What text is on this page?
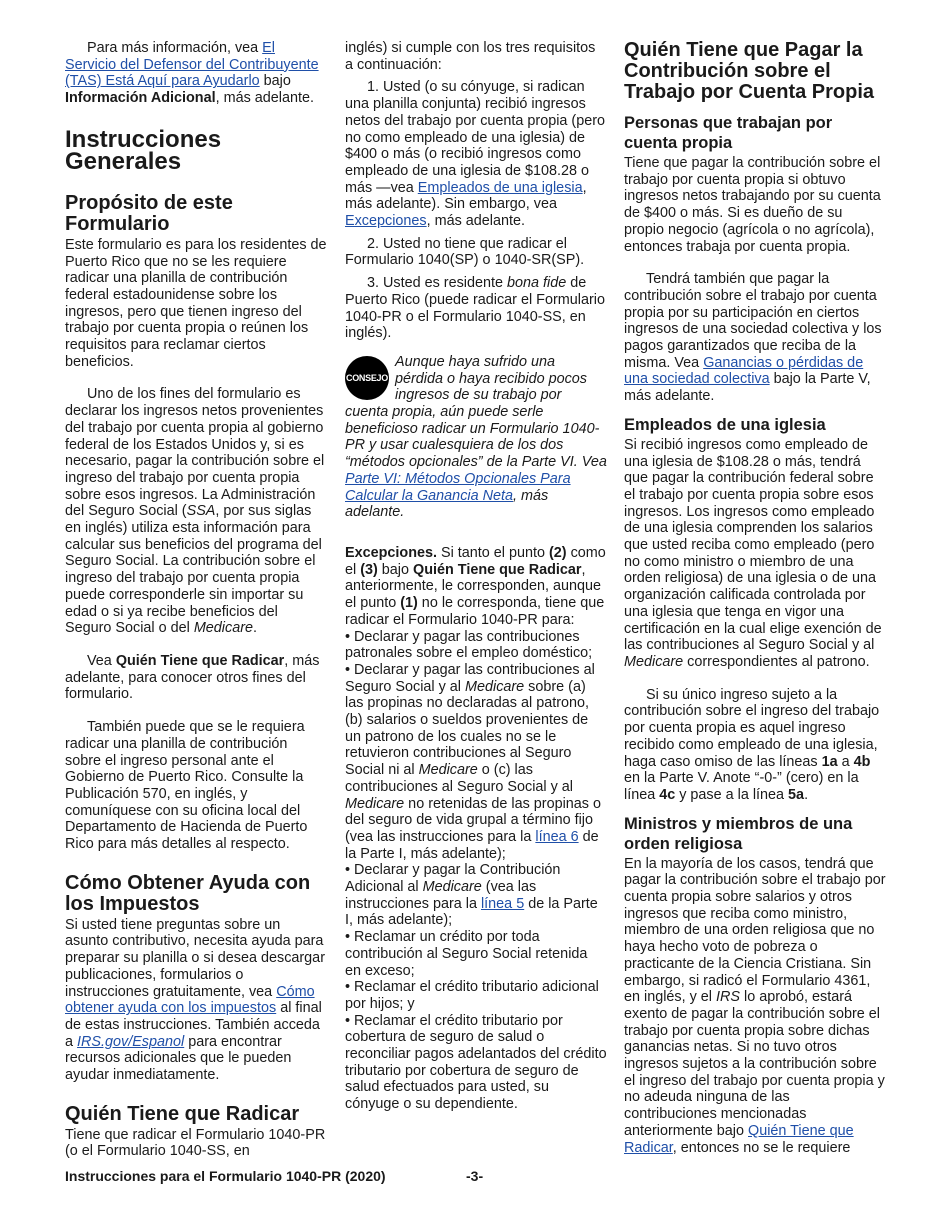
Para más información, vea El Servicio del Defensor del Contribuyente (TAS) Está Aquí para Ayudarlo bajo Información Adicional, más adelante.

Instrucciones Generales
Propósito de este Formulario

Este formulario es para los residentes de Puerto Rico que no se les requiere radicar una planilla de contribución federal estadounidense sobre los ingresos, pero que tienen ingreso del trabajo por cuenta propia o reúnen los requisitos para reclamar ciertos beneficios.

Uno de los fines del formulario es declarar los ingresos netos provenientes del trabajo por cuenta propia al gobierno federal de los Estados Unidos y, si es necesario, pagar la contribución sobre el ingreso del trabajo por cuenta propia sobre esos ingresos. La Administración del Seguro Social (SSA, por sus siglas en inglés) utiliza esta información para calcular sus beneficios del programa del Seguro Social. La contribución sobre el ingreso del trabajo por cuenta propia puede corresponderle sin importar su edad o si ya recibe beneficios del Seguro Social o del Medicare.

Vea Quién Tiene que Radicar, más adelante, para conocer otros fines del formulario.

También puede que se le requiera radicar una planilla de contribución sobre el ingreso personal ante el Gobierno de Puerto Rico. Consulte la Publicación 570, en inglés, y comuníquese con su oficina local del Departamento de Hacienda de Puerto Rico para más detalles al respecto.

Cómo Obtener Ayuda con los Impuestos

Si usted tiene preguntas sobre un asunto contributivo, necesita ayuda para preparar su planilla o si desea descargar publicaciones, formularios o instrucciones gratuitamente, vea Cómo obtener ayuda con los impuestos al final de estas instrucciones. También acceda a IRS.gov/Espanol para encontrar recursos adicionales que le pueden ayudar inmediatamente.

Quién Tiene que Radicar

Tiene que radicar el Formulario 1040-PR (o el Formulario 1040-SS, en

inglés) si cumple con los tres requisitos a continuación:

1. Usted (o su cónyuge, si radican una planilla conjunta) recibió ingresos netos del trabajo por cuenta propia (pero no como empleado de una iglesia) de $400 o más (o recibió ingresos como empleado de una iglesia de $108.28 o más —vea Empleados de una iglesia, más adelante). Sin embargo, vea Excepciones, más adelante.

2. Usted no tiene que radicar el Formulario 1040(SP) o 1040-SR(SP).

3. Usted es residente bona fide de Puerto Rico (puede radicar el Formulario 1040-PR o el Formulario 1040-SS, en inglés).

CONSEJO
Aunque haya sufrido una pérdida o haya recibido pocos ingresos de su trabajo por cuenta propia, aún puede serle beneficioso radicar un Formulario 1040-PR y usar cualesquiera de los dos “métodos opcionales” de la Parte VI. Vea Parte VI: Métodos Opcionales Para Calcular la Ganancia Neta, más adelante.

Excepciones. Si tanto el punto (2) como el (3) bajo Quién Tiene que Radicar, anteriormente, le corresponden, aunque el punto (1) no le corresponda, tiene que radicar el Formulario 1040-PR para:

• Declarar y pagar las contribuciones patronales sobre el empleo doméstico;

• Declarar y pagar las contribuciones al Seguro Social y al Medicare sobre (a) las propinas no declaradas al patrono, (b) salarios o sueldos provenientes de un patrono de los cuales no se le retuvieron contribuciones al Seguro Social ni al Medicare o (c) las contribuciones al Seguro Social y al Medicare no retenidas de las propinas o del seguro de vida grupal a término fijo (vea las instrucciones para la línea 6 de la Parte I, más adelante);

• Declarar y pagar la Contribución Adicional al Medicare (vea las instrucciones para la línea 5 de la Parte I, más adelante);

• Reclamar un crédito por toda contribución al Seguro Social retenida en exceso;

• Reclamar el crédito tributario adicional por hijos; y

• Reclamar el crédito tributario por cobertura de seguro de salud o reconciliar pagos adelantados del crédito tributario por cobertura de seguro de salud efectuados para usted, su cónyuge o su dependiente.

Quién Tiene que Pagar la Contribución sobre el Trabajo por Cuenta Propia
Personas que trabajan por cuenta propia

Tiene que pagar la contribución sobre el trabajo por cuenta propia si obtuvo ingresos netos trabajando por su cuenta de $400 o más. Si es dueño de su propio negocio (agrícola o no agrícola), entonces trabaja por cuenta propia.

Tendrá también que pagar la contribución sobre el trabajo por cuenta propia por su participación en ciertos ingresos de una sociedad colectiva y los pagos garantizados que reciba de la misma. Vea Ganancias o pérdidas de una sociedad colectiva bajo la Parte V, más adelante.

Empleados de una iglesia

Si recibió ingresos como empleado de una iglesia de $108.28 o más, tendrá que pagar la contribución federal sobre el trabajo por cuenta propia sobre esos ingresos. Los ingresos como empleado de una iglesia comprenden los salarios que usted reciba como empleado (pero no como ministro o miembro de una orden religiosa) de una iglesia o de una organización calificada controlada por una iglesia que tenga en vigor una certificación en la cual elige exención de las contribuciones al Seguro Social y al Medicare correspondientes al patrono.

Si su único ingreso sujeto a la contribución sobre el ingreso del trabajo por cuenta propia es aquel ingreso recibido como empleado de una iglesia, haga caso omiso de las líneas 1a a 4b en la Parte V. Anote “-0-” (cero) en la línea 4c y pase a la línea 5a.

Ministros y miembros de una orden religiosa

En la mayoría de los casos, tendrá que pagar la contribución sobre el trabajo por cuenta propia sobre salarios y otros ingresos que reciba como ministro, miembro de una orden religiosa que no haya hecho voto de pobreza o practicante de la Ciencia Cristiana. Sin embargo, si radicó el Formulario 4361, en inglés, y el IRS lo aprobó, estará exento de pagar la contribución sobre el trabajo por cuenta propia sobre dichas ganancias netas. Si no tuvo otros ingresos sujetos a la contribución sobre el ingreso del trabajo por cuenta propia y no adeuda ninguna de las contribuciones mencionadas anteriormente bajo Quién Tiene que Radicar, entonces no se le requiere

Instrucciones para el Formulario 1040-PR (2020)	-3-
